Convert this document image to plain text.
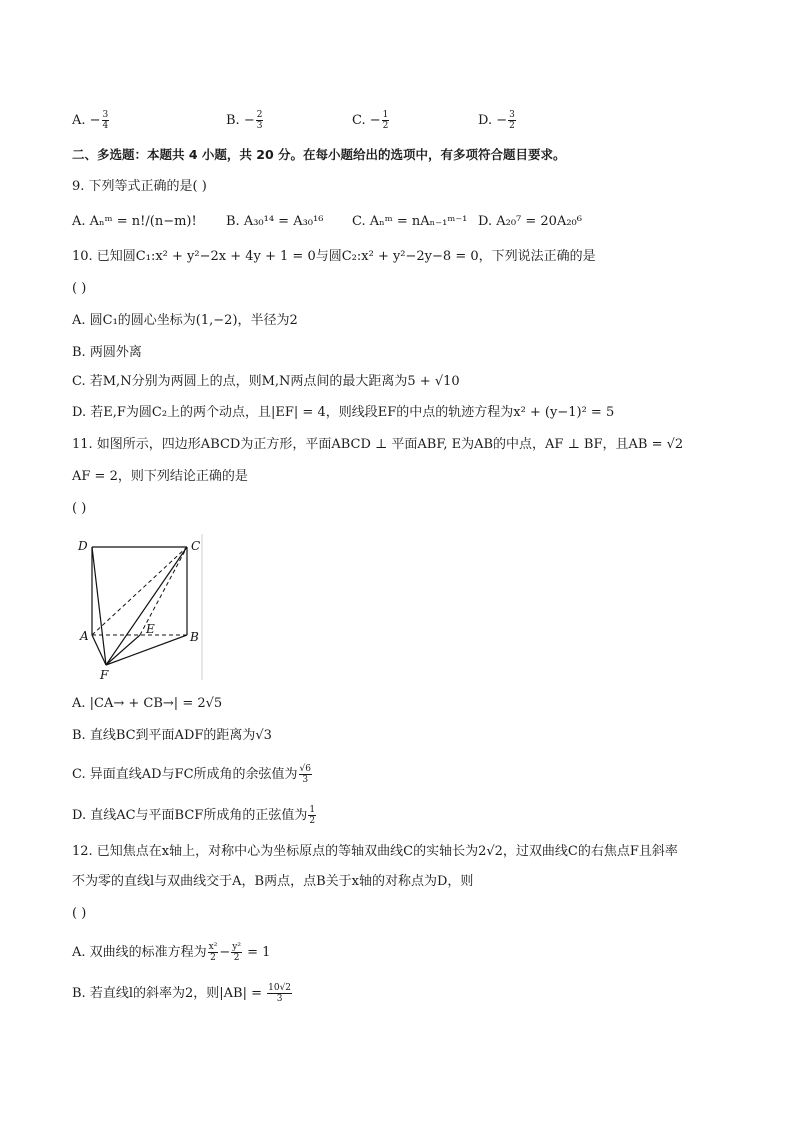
A. − $\frac{3}{4}$	B. − $\frac{2}{3}$	C. − $\frac{1}{2}$	D. − $\frac{3}{2}$
二、多选题：本题共 4 小题，共 20 分。在每小题给出的选项中，有多项符合题目要求。
9. 下列等式正确的是( )
A. Aₙᵐ = n!/(n−m)! B. A₃₀¹⁴ = A₃₀¹⁶ C. Aₙᵐ = nAₙ₋₁ᵐ⁻¹ D. A₂₀⁷ = 20A₂₀⁶
10. 已知圆C₁:x² + y²−2x + 4y + 1 = 0与圆C₂:x² + y²−2y−8 = 0，下列说法正确的是
( )
A. 圆C₁的圆心坐标为(1,−2)，半径为2
B. 两圆外离
C. 若M,N分别为两圆上的点，则M,N两点间的最大距离为5 + √10
D. 若E,F为圆C₂上的两个动点，且|EF| = 4，则线段EF的中点的轨迹方程为x² + (y−1)² = 5
11. 如图所示，四边形ABCD为正方形，平面ABCD ⊥ 平面ABF, E为AB的中点，AF ⊥ BF，且AB = √2
AF = 2，则下列结论正确的是
( )
D	C
A	E
B
F
A. |CA→ + CB→| = 2√5
B. 直线BC到平面ADF的距离为√3
C. 异面直线AD与FC所成角的余弦值为 $\frac{√6}{3}$
D. 直线AC与平面BCF所成角的正弦值为 $\frac{1}{2}$
12. 已知焦点在x轴上，对称中心为坐标原点的等轴双曲线C的实轴长为2√2，过双曲线C的右焦点F且斜率
不为零的直线l与双曲线交于A，B两点，点B关于x轴的对称点为D，则
( )
A. 双曲线的标准方程为 $\frac{\text{x²}}{2} - \frac{\text{y²}}{2} = 1$
B. 若直线l的斜率为2，则$|AB| = \frac{10√2}{3}$
